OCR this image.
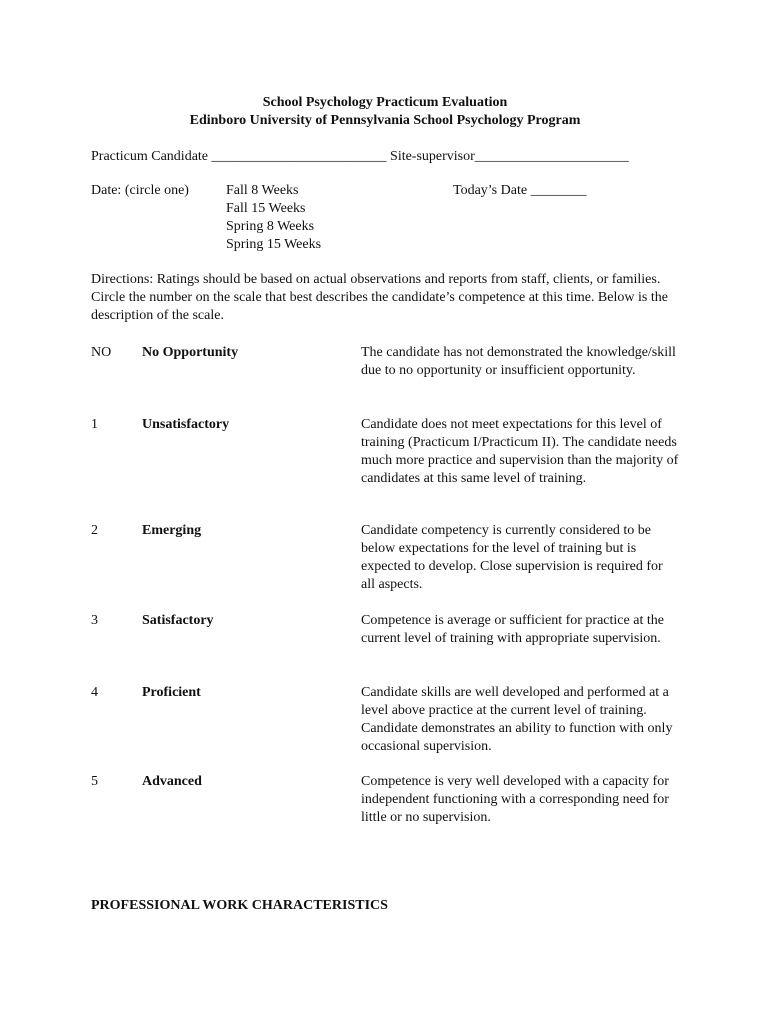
School Psychology Practicum Evaluation
Edinboro University of Pennsylvania School Psychology Program
Practicum Candidate _________________________ Site-supervisor______________________
Date: (circle one)	Fall 8 Weeks
Fall 15 Weeks
Spring 8 Weeks
Spring 15 Weeks
Today’s Date ________
Directions: Ratings should be based on actual observations and reports from staff, clients, or families. Circle the number on the scale that best describes the candidate’s competence at this time. Below is the description of the scale.
NO No Opportunity	The candidate has not demonstrated the knowledge/skill due to no opportunity or insufficient opportunity.
1	Unsatisfactory	Candidate does not meet expectations for this level of training (Practicum I/Practicum II). The candidate needs much more practice and supervision than the majority of candidates at this same level of training.
2	Emerging	Candidate competency is currently considered to be below expectations for the level of training but is expected to develop. Close supervision is required for all aspects.
3	Satisfactory	Competence is average or sufficient for practice at the current level of training with appropriate supervision.
4	Proficient	Candidate skills are well developed and performed at a level above practice at the current level of training. Candidate demonstrates an ability to function with only occasional supervision.
5	Advanced	Competence is very well developed with a capacity for independent functioning with a corresponding need for little or no supervision.
PROFESSIONAL WORK CHARACTERISTICS
